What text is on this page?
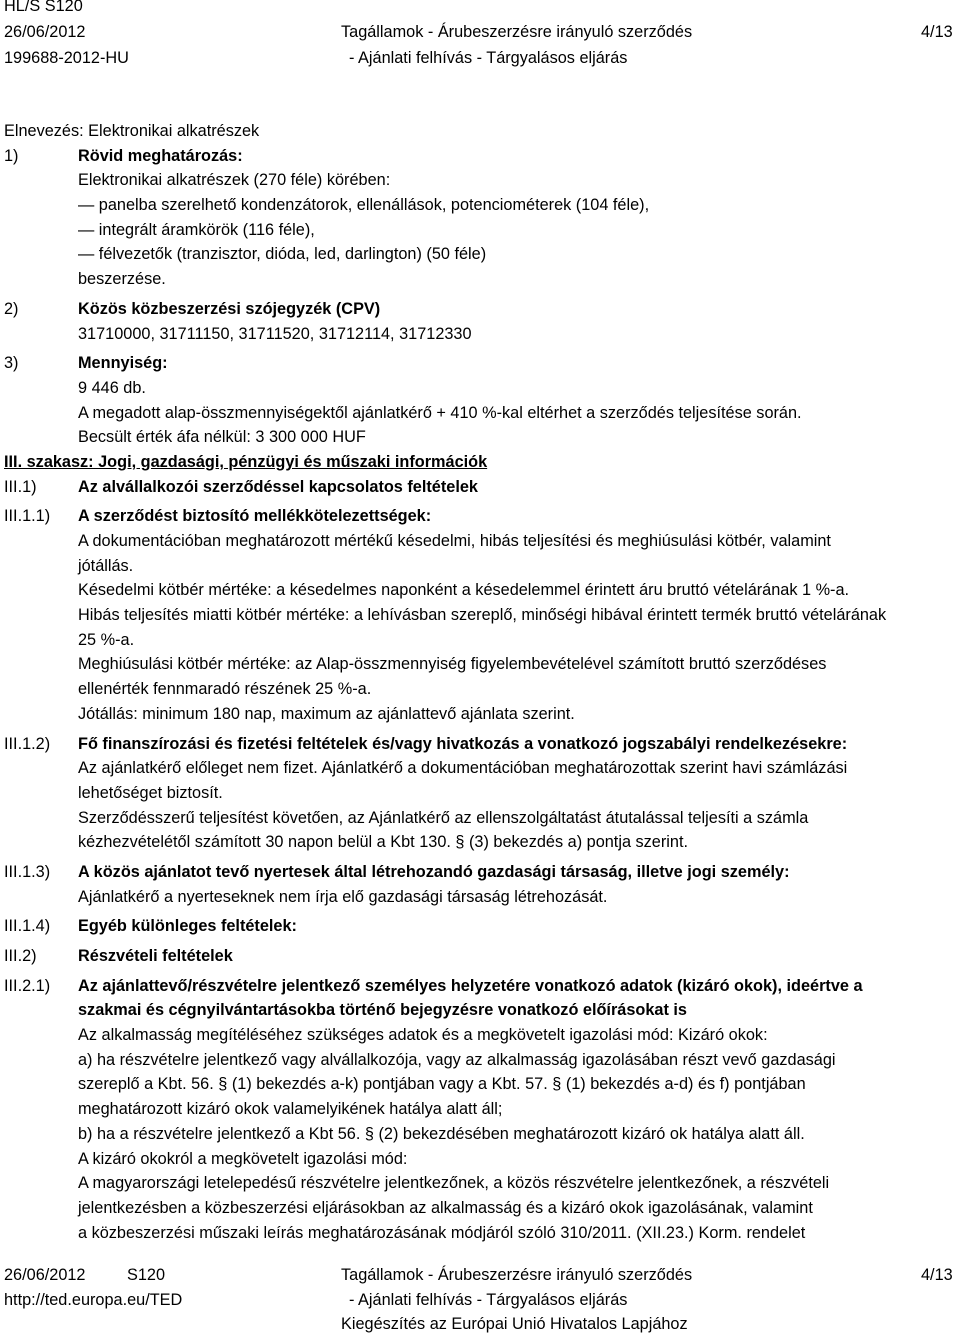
HL/S S120
26/06/2012
199688-2012-HU
Tagállamok - Árubeszerzésre irányuló szerződés
- Ajánlati felhívás - Tárgyalásos eljárás
4/13
Elnevezés: Elektronikai alkatrészek
1)	Rövid meghatározás:
Elektronikai alkatrészek (270 féle) körében:
— panelba szerelhető kondenzátorok, ellenállások, potenciométerek (104 féle),
— integrált áramkörök (116 féle),
— félvezetők (tranzisztor, dióda, led, darlington) (50 féle)
beszerzése.
2)	Közös közbeszerzési szójegyzék (CPV)
31710000, 31711150, 31711520, 31712114, 31712330
3)	Mennyiség:
9 446 db.
A megadott alap-összmennyiségektől ajánlatkérő + 410 %-kal eltérhet a szerződés teljesítése során.
Becsült érték áfa nélkül: 3 300 000 HUF
III. szakasz: Jogi, gazdasági, pénzügyi és műszaki információk
III.1)	Az alvállalkozói szerződéssel kapcsolatos feltételek
III.1.1) A szerződést biztosító mellékkötelezettségek:
A dokumentációban meghatározott mértékű késedelmi, hibás teljesítési és meghiúsulási kötbér, valamint
jótállás.
Késedelmi kötbér mértéke: a késedelmes naponként a késedelemmel érintett áru bruttó vételárának 1 %-a.
Hibás teljesítés miatti kötbér mértéke: a lehívásban szereplő, minőségi hibával érintett termék bruttó vételárának
25 %-a.
Meghiúsulási kötbér mértéke: az Alap-összmennyiség figyelembevételével számított bruttó szerződéses
ellenérték fennmaradó részének 25 %-a.
Jótállás: minimum 180 nap, maximum az ajánlattevő ajánlata szerint.
III.1.2) Fő finanszírozási és fizetési feltételek és/vagy hivatkozás a vonatkozó jogszabályi rendelkezésekre:
Az ajánlatkérő előleget nem fizet. Ajánlatkérő a dokumentációban meghatározottak szerint havi számlázási
lehetőséget biztosít.
Szerződésszerű teljesítést követően, az Ajánlatkérő az ellenszolgáltatást átutalással teljesíti a számla
kézhezvételétől számított 30 napon belül a Kbt 130. § (3) bekezdés a) pontja szerint.
III.1.3) A közös ajánlatot tevő nyertesek által létrehozandó gazdasági társaság, illetve jogi személy:
Ajánlatkérő a nyerteseknek nem írja elő gazdasági társaság létrehozását.
III.1.4) Egyéb különleges feltételek:
III.2)	Részvételi feltételek
III.2.1) Az ajánlattevő/részvételre jelentkező személyes helyzetére vonatkozó adatok (kizáró okok), ideértve a
szakmai és cégnyilvántartásokba történő bejegyzésre vonatkozó előírásokat is
Az alkalmasság megítéléséhez szükséges adatok és a megkövetelt igazolási mód: Kizáró okok:
a) ha részvételre jelentkező vagy alvállalkozója, vagy az alkalmasság igazolásában részt vevő gazdasági
szereplő a Kbt. 56. § (1) bekezdés a-k) pontjában vagy a Kbt. 57. § (1) bekezdés a-d) és f) pontjában
meghatározott kizáró okok valamelyikének hatálya alatt áll;
b) ha a részvételre jelentkező a Kbt 56. § (2) bekezdésében meghatározott kizáró ok hatálya alatt áll.
A kizáró okokról a megkövetelt igazolási mód:
A magyarországi letelepedésű részvételre jelentkezőnek, a közös részvételre jelentkezőnek, a részvételi
jelentkezésben a közbeszerzési eljárásokban az alkalmasság és a kizáró okok igazolásának, valamint
a közbeszerzési műszaki leírás meghatározásának módjáról szóló 310/2011. (XII.23.) Korm. rendelet
26/06/2012	S120
http://ted.europa.eu/TED
Tagállamok - Árubeszerzésre irányuló szerződés
- Ajánlati felhívás - Tárgyalásos eljárás
Kiegészítés az Európai Unió Hivatalos Lapjához
4/13
